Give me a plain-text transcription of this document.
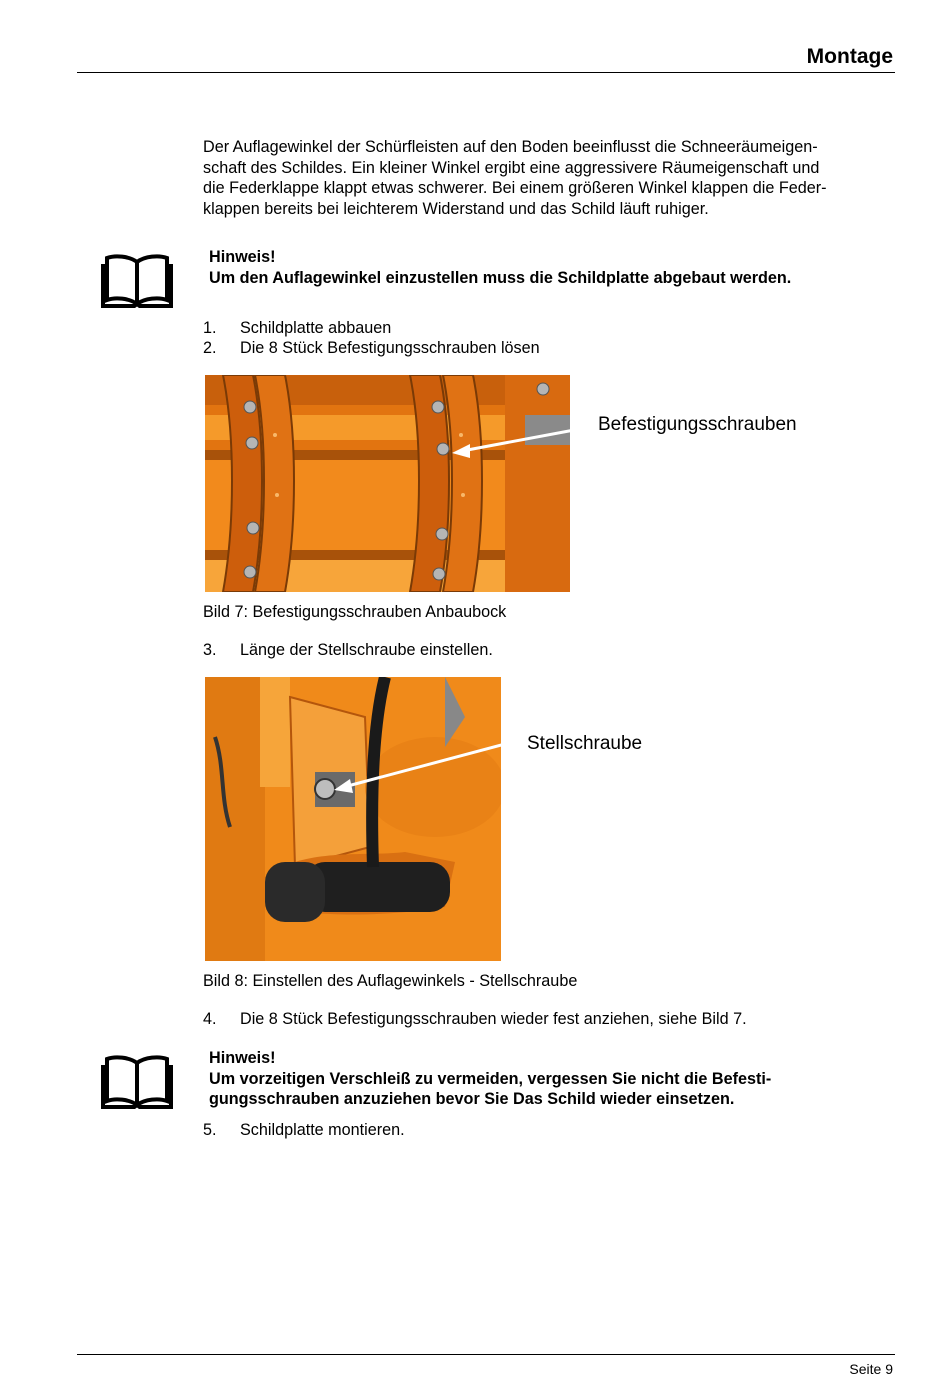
Montage
Der Auflagewinkel der Schürfleisten auf den Boden beeinflusst die Schneeräumeigen-
schaft des Schildes. Ein kleiner Winkel ergibt eine aggressivere Räumeigenschaft und
die Federklappe klappt etwas schwerer. Bei einem größeren Winkel klappen die Feder-
klappen bereits bei leichterem Widerstand und das Schild läuft ruhiger.
Hinweis!
Um den Auflagewinkel einzustellen muss die Schildplatte abgebaut werden.
1. Schildplatte abbauen
2. Die 8 Stück Befestigungsschrauben lösen
Befestigungsschrauben
Bild 7: Befestigungsschrauben Anbaubock
3. Länge der Stellschraube einstellen.
Stellschraube
Bild 8: Einstellen des Auflagewinkels - Stellschraube
4. Die 8 Stück Befestigungsschrauben wieder fest anziehen, siehe Bild 7.
Hinweis!
Um vorzeitigen Verschleiß zu vermeiden, vergessen Sie nicht die Befesti-
gungsschrauben anzuziehen bevor Sie Das Schild wieder einsetzen.
5. Schildplatte montieren.
Seite 9
